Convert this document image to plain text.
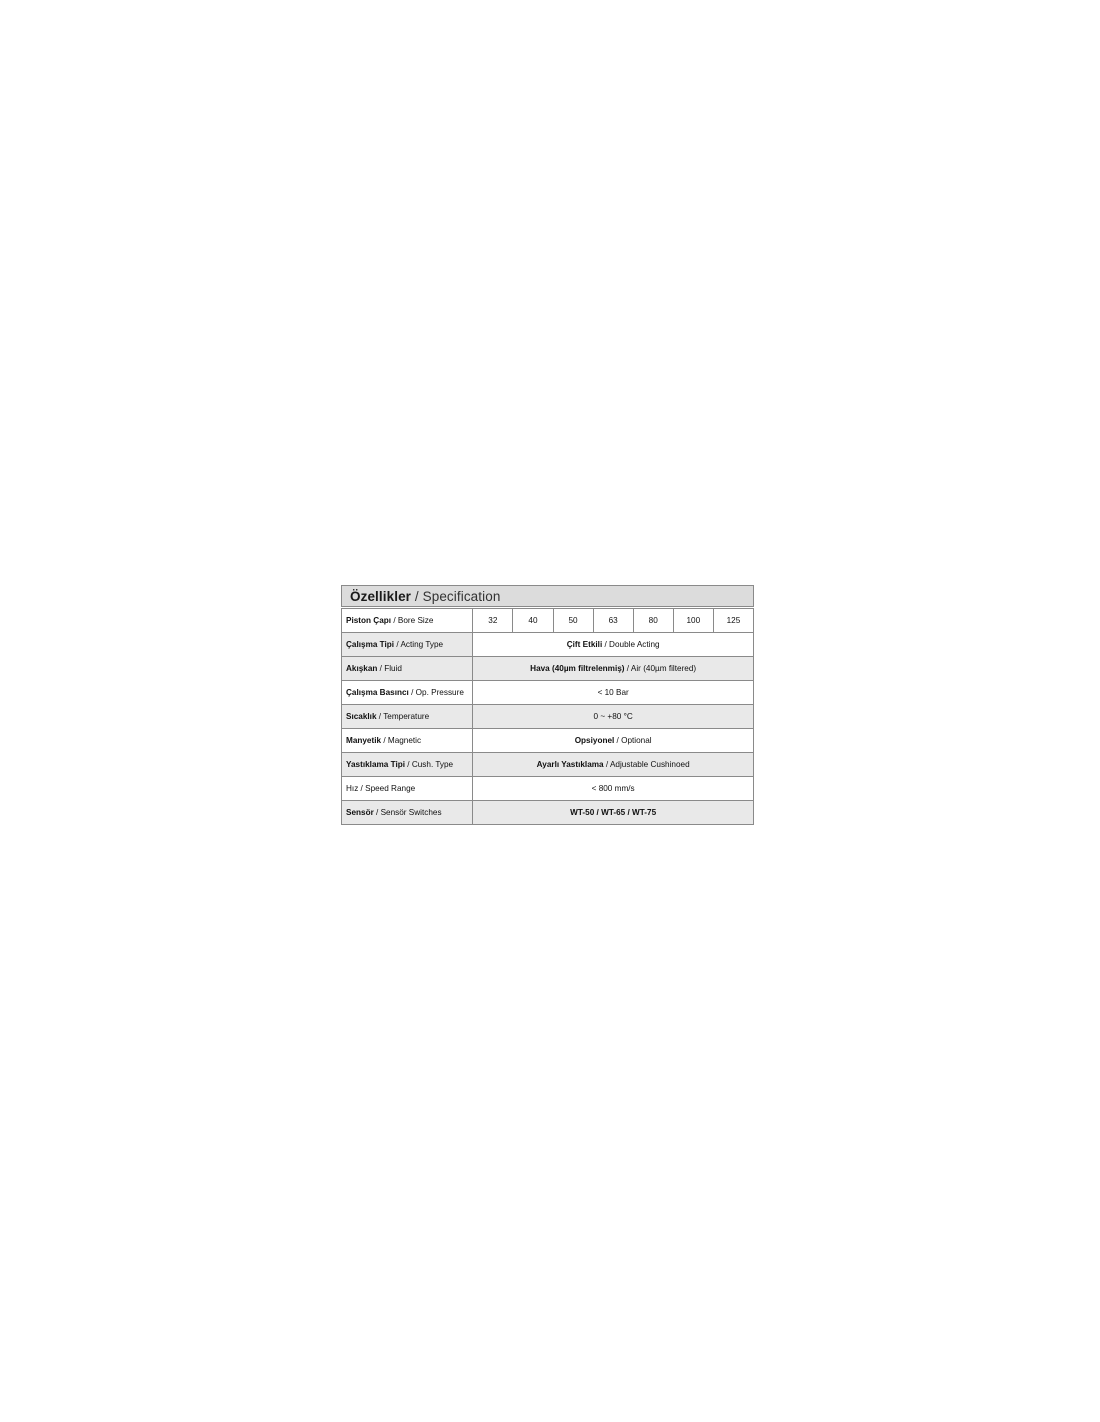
Özellikler / Specification
Piston Çapı / Bore Size	32	40	50	63	80	100	125
Çalışma Tipi / Acting Type	Çift Etkili / Double Acting						
Akışkan / Fluid	Hava (40µm filtrelenmiş) / Air (40µm filtered)						
Çalışma Basıncı / Op. Pressure	< 10 Bar						
Sıcaklık / Temperature	0 ~ +80 °C						
Manyetik / Magnetic	Opsiyonel / Optional						
Yastıklama Tipi / Cush. Type	Ayarlı Yastıklama / Adjustable Cushinoed						
Hız / Speed Range	< 800 mm/s						
Sensör / Sensör Switches	WT-50 / WT-65 / WT-75						
